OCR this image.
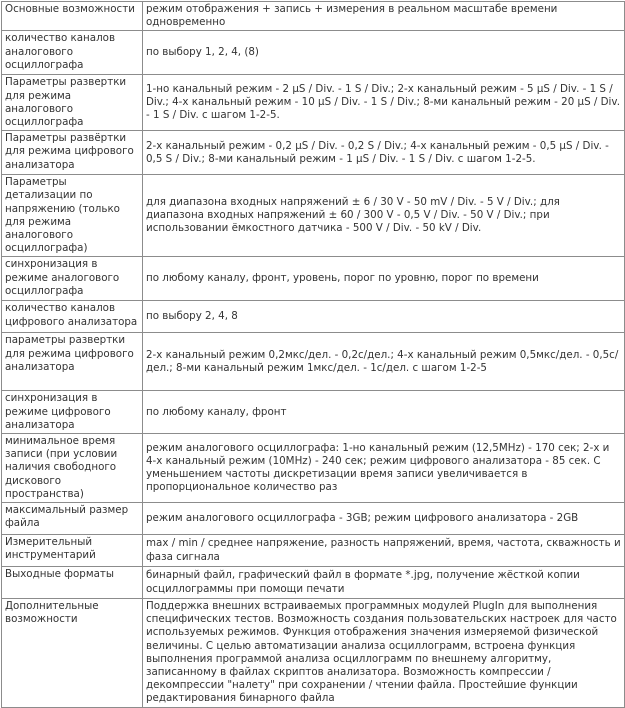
Основные возможности	режим отображения + запись + измерения в реальном масштабе времени одновременно
количество каналов аналогового осциллографа	по выбору 1, 2, 4, (8)
Параметры развертки для режима аналогового осциллографа	1-но канальный режим - 2 µS / Div. - 1 S / Div.; 2-х канальный режим - 5 µS / Div. - 1 S / Div.; 4-х канальный режим - 10 µS / Div. - 1 S / Div.; 8-ми канальный режим - 20 µS / Div. - 1 S / Div. с шагом 1-2-5.
Параметры развёртки для режима цифрового анализатора	2-х канальный режим - 0,2 µS / Div. - 0,2 S / Div.; 4-х канальный режим - 0,5 µS / Div. - 0,5 S / Div.; 8-ми канальный режим - 1 µS / Div. - 1 S / Div. с шагом 1-2-5.
Параметры детализации по напряжению (только для режима аналогового осциллографа)	для диапазона входных напряжений ± 6 / 30 V - 50 mV / Div. - 5 V / Div.; для диапазона входных напряжений ± 60 / 300 V - 0,5 V / Div. - 50 V / Div.; при использовании ёмкостного датчика - 500 V / Div. - 50 kV / Div.
синхронизация в режиме аналогового осциллографа	по любому каналу, фронт, уровень, порог по уровню, порог по времени
количество каналов цифрового анализатора	по выбору 2, 4, 8
параметры развертки для режима цифрового анализатора	2-х канальный режим 0,2мкс/дел. - 0,2с/дел.; 4-х канальный режим 0,5мкс/дел. - 0,5с/дел.; 8-ми канальный режим 1мкс/дел. - 1с/дел. с шагом 1-2-5
синхронизация в режиме цифрового анализатора	по любому каналу, фронт
минимальное время записи (при условии наличия свободного дискового пространства)	режим аналогового осциллографа: 1-но канальный режим (12,5MHz) - 170 сек; 2-х и 4-х канальный режим (10MHz) - 240 сек; режим цифрового анализатора - 85 сек. С уменьшением частоты дискретизации время записи увеличивается в пропорциональное количество раз
максимальный размер файла	режим аналогового осциллографа - 3GB; режим цифрового анализатора - 2GB
Измерительный инструментарий	max / min / среднее напряжение, разность напряжений, время, частота, скважность и фаза сигнала
Выходные форматы	бинарный файл, графический файл в формате *.jpg, получение жёсткой копии осциллограммы при помощи печати
Дополнительные возможности	Поддержка внешних встраиваемых программных модулей PlugIn для выполнения специфических тестов. Возможность создания пользовательских настроек для часто используемых режимов. Функция отображения значения измеряемой физической величины. С целью автоматизации анализа осциллограмм, встроена функция выполнения программой анализа осциллограмм по внешнему алгоритму, записанному в файлах скриптов анализатора. Возможность компрессии / декомпрессии "налету" при сохранении / чтении файла. Простейшие функции редактирования бинарного файла
